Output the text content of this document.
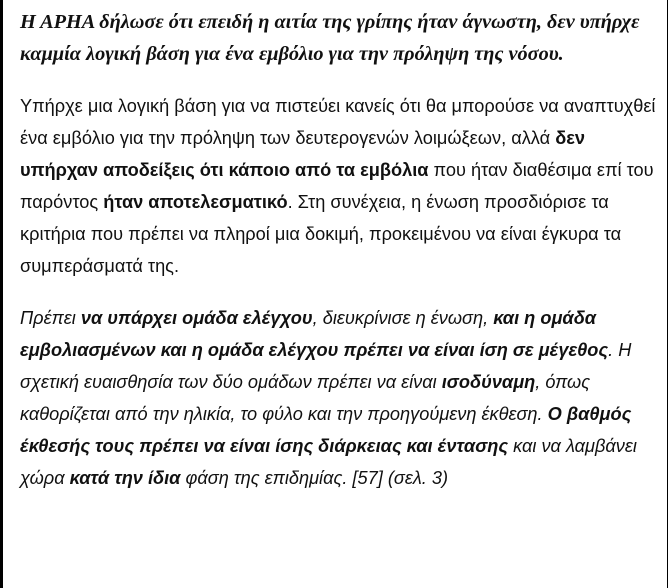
Η ΑΡΗΑ δήλωσε ότι επειδή η αιτία της γρίπης ήταν άγνωστη, δεν υπήρχε καμμία λογική βάση για ένα εμβόλιο για την πρόληψη της νόσου.

Υπήρχε μια λογική βάση για να πιστεύει κανείς ότι θα μπορούσε να αναπτυχθεί ένα εμβόλιο για την πρόληψη των δευτερογενών λοιμώξεων, αλλά δεν υπήρχαν αποδείξεις ότι κάποιο από τα εμβόλια που ήταν διαθέσιμα επί του παρόντος ήταν αποτελεσματικό. Στη συνέχεια, η ένωση προσδιόρισε τα κριτήρια που πρέπει να πληροί μια δοκιμή, προκειμένου να είναι έγκυρα τα συμπεράσματά της.

Πρέπει να υπάρχει ομάδα ελέγχου, διευκρίνισε η ένωση, και η ομάδα εμβολιασμένων και η ομάδα ελέγχου πρέπει να είναι ίση σε μέγεθος. Η σχετική ευαισθησία των δύο ομάδων πρέπει να είναι ισοδύναμη, όπως καθορίζεται από την ηλικία, το φύλο και την προηγούμενη έκθεση. Ο βαθμός έκθεσής τους πρέπει να είναι ίσης διάρκειας και έντασης και να λαμβάνει χώρα κατά την ίδια φάση της επιδημίας. [57] (σελ. 3)
